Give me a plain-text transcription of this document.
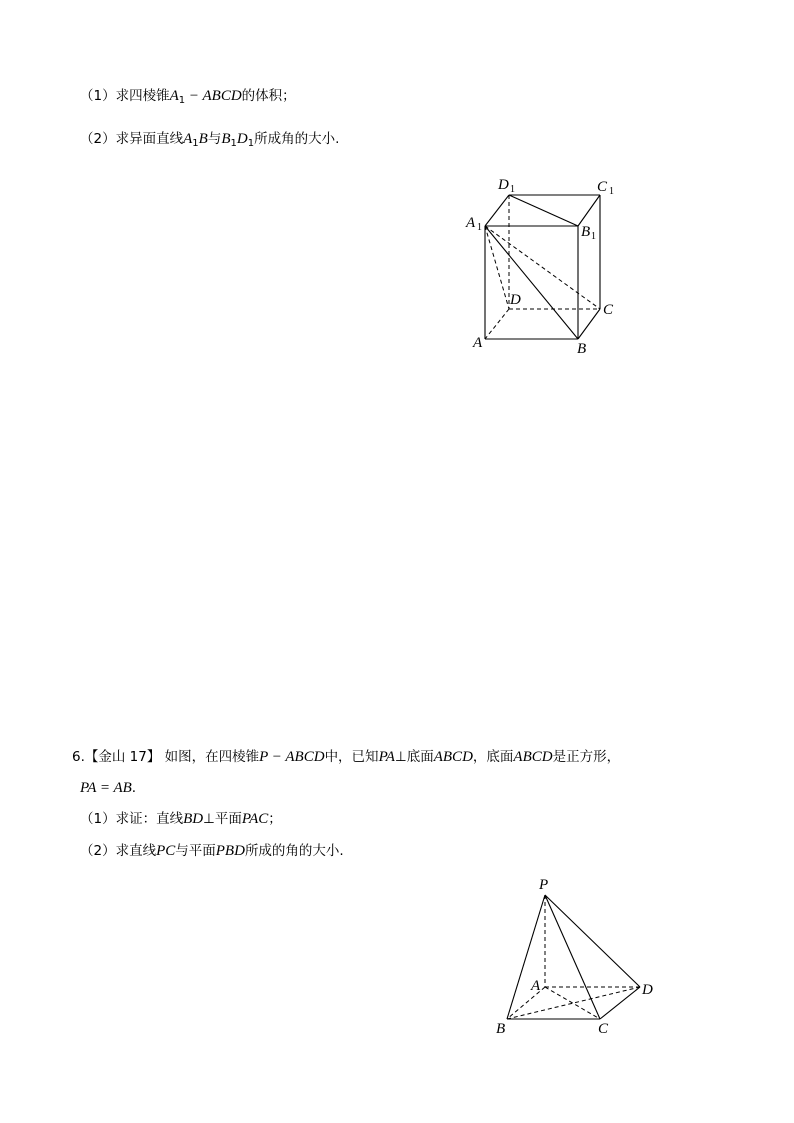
（1）求四棱锥$A_1$ − ABCD的体积；
（2）求异面直线$A_1B$与$B_1D_1$所成角的大小.
D 1	C 1
A 1	B 1
D
C
A	B
P
A	D
B	C
6.【金山 17】 如图，在四棱锥P − ABCD中，已知PA⊥底面ABCD，底面ABCD是正方形，
PA = AB.
（1）求证：直线BD⊥平面PAC；
（2）求直线PC与平面PBD所成的角的大小.
